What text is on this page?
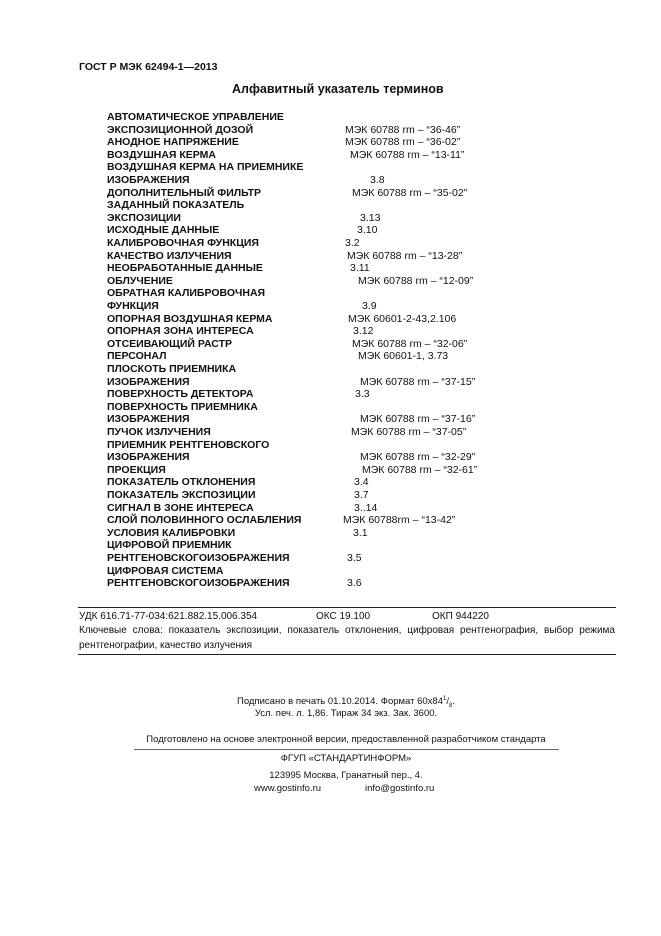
ГОСТ Р МЭК 62494-1—2013
Алфавитный указатель терминов
АВТОМАТИЧЕСКОЕ УПРАВЛЕНИЕ
ЭКСПОЗИЦИОННОЙ ДОЗОЙ	МЭК 60788 rm – “36-46”
АНОДНОЕ НАПРЯЖЕНИЕ	МЭК 60788 rm – “36-02”
ВОЗДУШНАЯ КЕРМА	МЭК 60788 rm – “13-11”
ВОЗДУШНАЯ КЕРМА НА ПРИЕМНИКЕ
ИЗОБРАЖЕНИЯ	3.8
ДОПОЛНИТЕЛЬНЫЙ ФИЛЬТР	МЭК 60788 rm – “35-02”
ЗАДАННЫЙ ПОКАЗАТЕЛЬ
ЭКСПОЗИЦИИ	3.13
ИСХОДНЫЕ ДАННЫЕ	3.10
КАЛИБРОВОЧНАЯ ФУНКЦИЯ	3.2
КАЧЕСТВО ИЗЛУЧЕНИЯ	МЭК 60788 rm – “13-28”
НЕОБРАБОТАННЫЕ ДАННЫЕ	3.11
ОБЛУЧЕНИЕ	МЭК 60788 rm – “12-09”
ОБРАТНАЯ КАЛИБРОВОЧНАЯ
ФУНКЦИЯ	3.9
ОПОРНАЯ ВОЗДУШНАЯ КЕРМА	МЭК 60601-2-43,2.106
ОПОРНАЯ ЗОНА ИНТЕРЕСА	3.12
ОТСЕИВАЮЩИЙ РАСТР	МЭК 60788 rm – “32-06”
ПЕРСОНАЛ	МЭК 60601-1, 3.73
ПЛОСКОТЬ ПРИЕМНИКА
ИЗОБРАЖЕНИЯ	МЭК 60788 rm – “37-15”
ПОВЕРХНОСТЬ ДЕТЕКТОРА	3.3
ПОВЕРХНОСТЬ ПРИЕМНИКА
ИЗОБРАЖЕНИЯ	МЭК 60788 rm – “37-16”
ПУЧОК ИЗЛУЧЕНИЯ	МЭК 60788 rm – “37-05”
ПРИЕМНИК РЕНТГЕНОВСКОГО
ИЗОБРАЖЕНИЯ	МЭК 60788 rm – “32-29”
ПРОЕКЦИЯ	МЭК 60788 rm – “32-61”
ПОКАЗАТЕЛЬ ОТКЛОНЕНИЯ	3.4
ПОКАЗАТЕЛЬ ЭКСПОЗИЦИИ	3.7
СИГНАЛ В ЗОНЕ ИНТЕРЕСА	3..14
СЛОЙ ПОЛОВИННОГО ОСЛАБЛЕНИЯ	МЭК 60788rm – “13-42”
УСЛОВИЯ КАЛИБРОВКИ	3.1
ЦИФРОВОЙ ПРИЕМНИК
РЕНТГЕНОВСКОГОИЗОБРАЖЕНИЯ	3.5
ЦИФРОВАЯ СИСТЕМА
РЕНТГЕНОВСКОГОИЗОБРАЖЕНИЯ	3.6
УДК 616.71-77-034:621.882.15.006.354	ОКС 19.100	ОКП 944220
Ключевые слова: показатель экспозиции, показатель отклонения, цифровая рентгенография, выбор режима рентгенографии, качество излучения
Подписано в печать 01.10.2014. Формат $60х84^1/_8$.
Усл. печ. л. 1,86. Тираж 34 экз. Зак. 3600.
Подготовлено на основе электронной версии, предоставленной разработчиком стандарта
ФГУП «СТАНДАРТИНФОРМ»
123995 Москва, Гранатный пер., 4.
www.gostinfo.ru	info@gostinfo.ru
